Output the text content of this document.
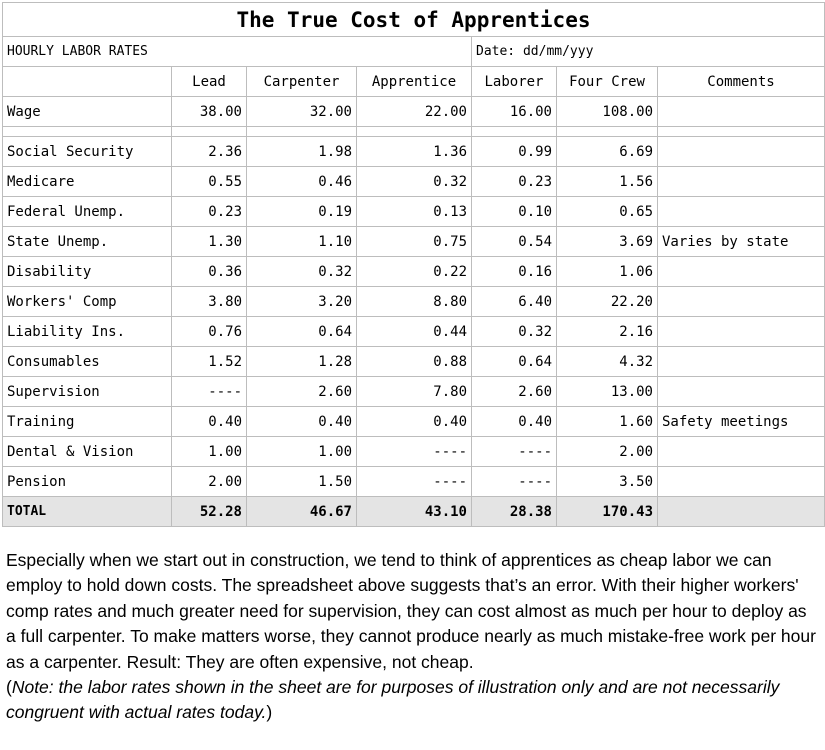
The True Cost of Apprentices						
HOURLY LABOR RATES				Date: dd/mm/yyy		
	Lead	Carpenter	Apprentice	Laborer	Four Crew	Comments
Wage	38.00	32.00	22.00	16.00	108.00	

Social Security	2.36	1.98	1.36	0.99	6.69	
Medicare	0.55	0.46	0.32	0.23	1.56	
Federal Unemp.	0.23	0.19	0.13	0.10	0.65	
State Unemp.	1.30	1.10	0.75	0.54	3.69	Varies by state
Disability	0.36	0.32	0.22	0.16	1.06	
Workers' Comp	3.80	3.20	8.80	6.40	22.20	
Liability Ins.	0.76	0.64	0.44	0.32	2.16	
Consumables	1.52	1.28	0.88	0.64	4.32	
Supervision	----	2.60	7.80	2.60	13.00	
Training	0.40	0.40	0.40	0.40	1.60	Safety meetings
Dental & Vision	1.00	1.00	----	----	2.00	
Pension	2.00	1.50	----	----	3.50	
TOTAL	52.28	46.67	43.10	28.38	170.43	

Especially when we start out in construction, we tend to think of apprentices as cheap labor we can employ to hold down costs. The spreadsheet above suggests that’s an error. With their higher workers' comp rates and much greater need for supervision, they can cost almost as much per hour to deploy as a full carpenter. To make matters worse, they cannot produce nearly as much mistake-free work per hour as a carpenter. Result: They are often expensive, not cheap.
(Note: the labor rates shown in the sheet are for purposes of illustration only and are not necessarily congruent with actual rates today.)
